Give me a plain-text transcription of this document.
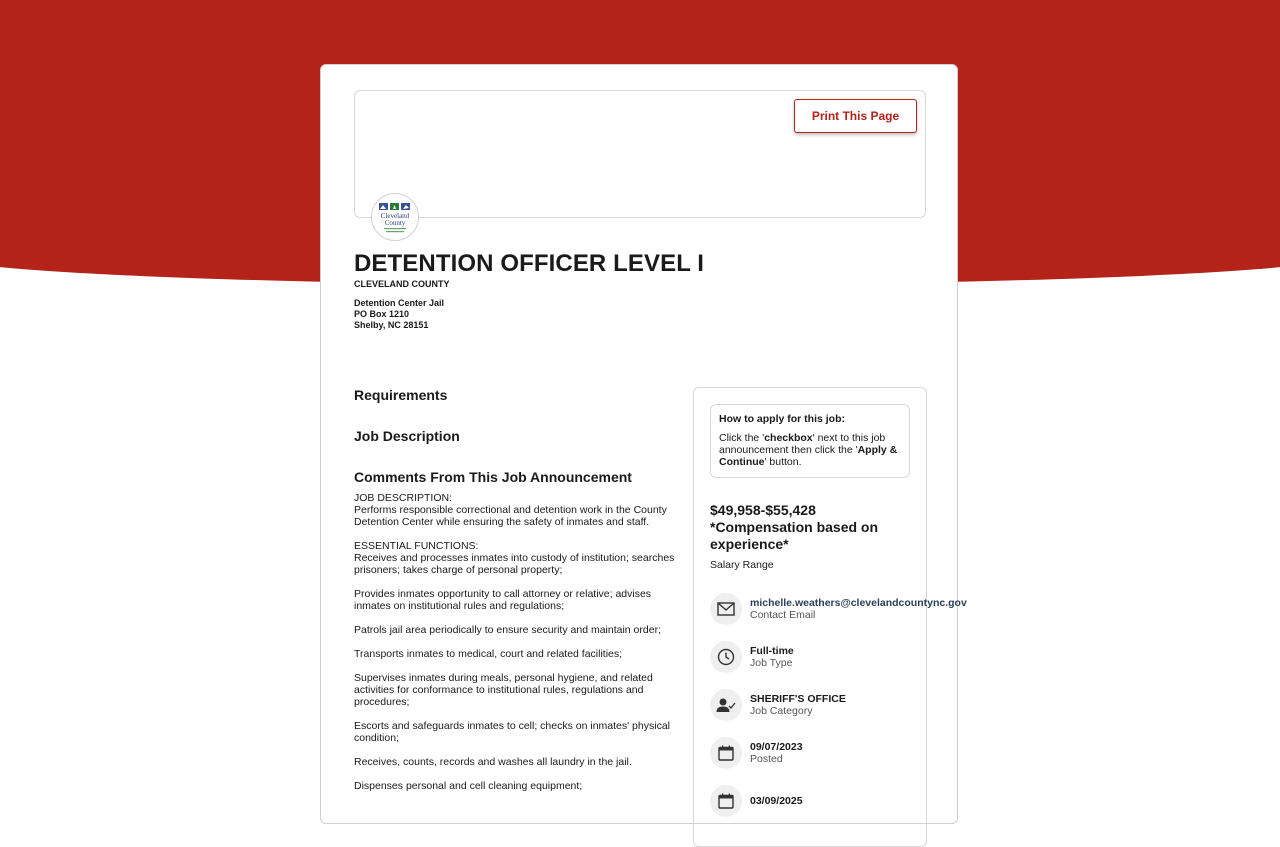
Print This Page
Cleveland
County
DETENTION OFFICER LEVEL I
CLEVELAND COUNTY
Detention Center Jail
PO Box 1210
Shelby, NC 28151
Requirements
Job Description
Comments From This Job Announcement

JOB DESCRIPTION:
Performs responsible correctional and detention work in the County Detention Center while ensuring the safety of inmates and staff.

ESSENTIAL FUNCTIONS:
Receives and processes inmates into custody of institution; searches prisoners; takes charge of personal property;

Provides inmates opportunity to call attorney or relative; advises inmates on institutional rules and regulations;

Patrols jail area periodically to ensure security and maintain order;

Transports inmates to medical, court and related facilities;

Supervises inmates during meals, personal hygiene, and related activities for conformance to institutional rules, regulations and procedures;

Escorts and safeguards inmates to cell; checks on inmates' physical condition;

Receives, counts, records and washes all laundry in the jail.

Dispenses personal and cell cleaning equipment;

How to apply for this job:
Click the 'checkbox' next to this job announcement then click the 'Apply & Continue' button.
$49,958-$55,428 *Compensation based on experience*
Salary Range
michelle.weathers@clevelandcountync.gov
Contact Email
Full-time
Job Type
SHERIFF'S OFFICE
Job Category
09/07/2023
Posted
03/09/2025
